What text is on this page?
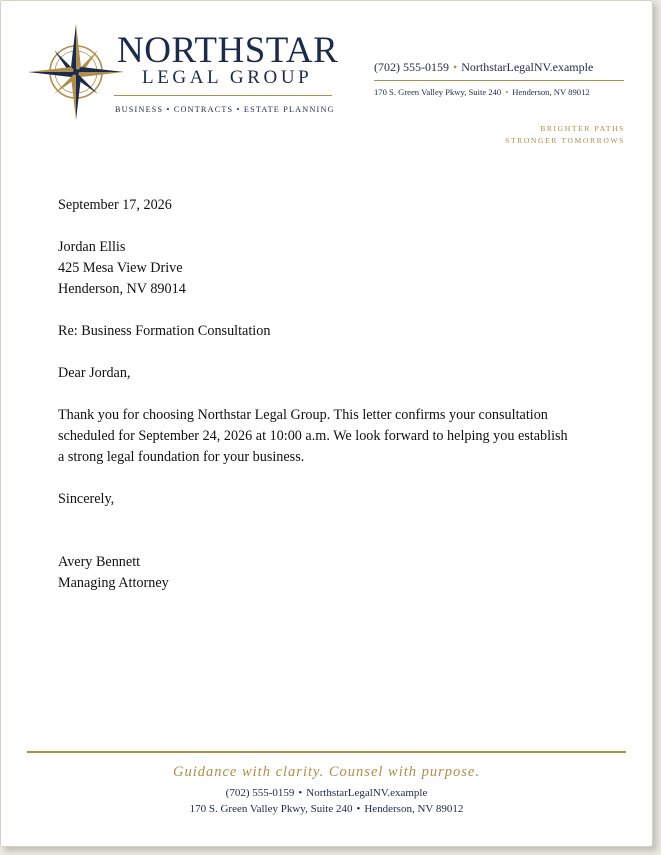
NORTHSTAR
LEGAL GROUP
BUSINESS • CONTRACTS • ESTATE PLANNING
(702) 555-0159 • NorthstarLegalNV.example
170 S. Green Valley Pkwy, Suite 240 • Henderson, NV 89012
BRIGHTER PATHS
STRONGER TOMORROWS

September 17, 2026

Jordan Ellis

425 Mesa View Drive

Henderson, NV 89014

Re: Business Formation Consultation

Dear Jordan,

Thank you for choosing Northstar Legal Group. This letter confirms your consultation

scheduled for September 24, 2026 at 10:00 a.m. We look forward to helping you establish

a strong legal foundation for your business.

Sincerely,

Avery Bennett

Managing Attorney

Guidance with clarity. Counsel with purpose.
(702) 555-0159 • NorthstarLegalNV.example
170 S. Green Valley Pkwy, Suite 240 • Henderson, NV 89012
